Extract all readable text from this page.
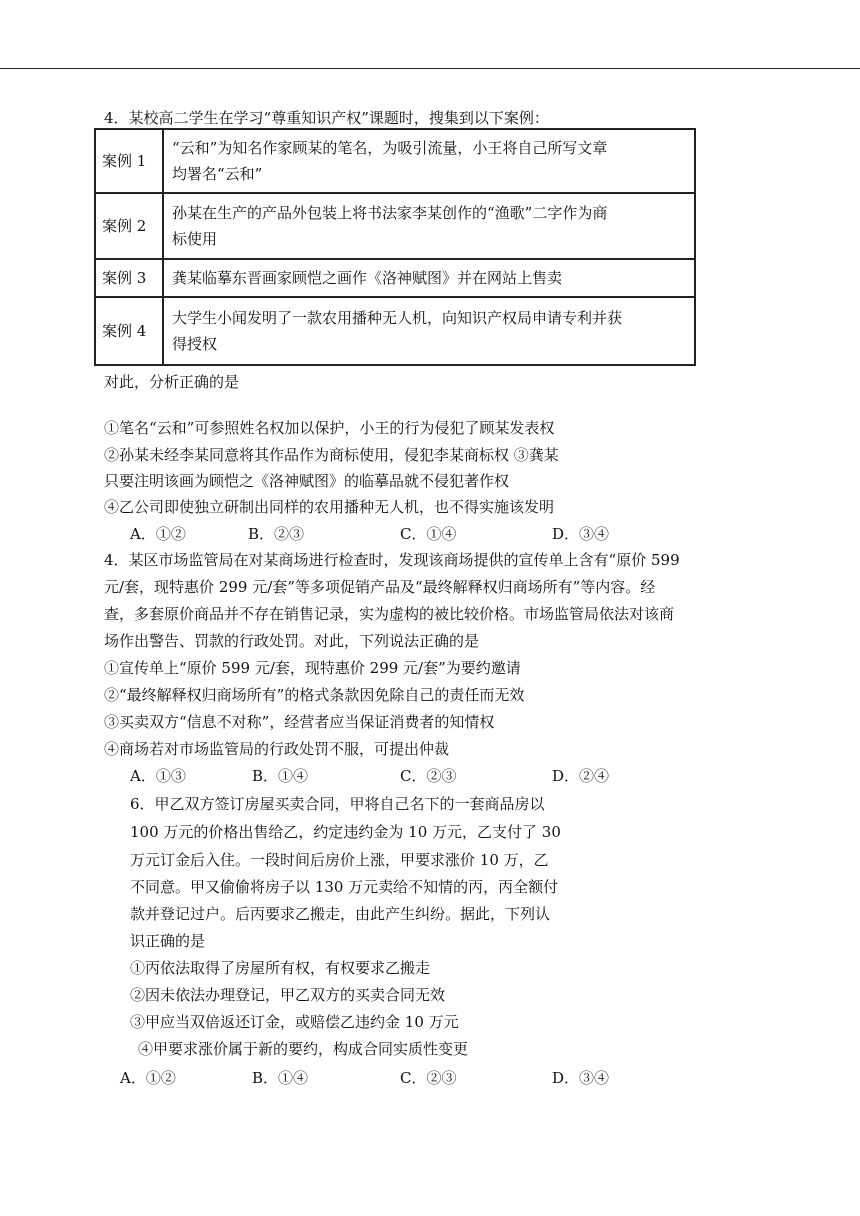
4．某校高二学生在学习“尊重知识产权”课题时，搜集到以下案例：
案例 1	“云和”为知名作家顾某的笔名，为吸引流量，小王将自己所写文章
均署名“云和”

案例 2	孙某在生产的产品外包装上将书法家李某创作的“渔歌”二字作为商
标使用

案例 3	龚某临摹东晋画家顾恺之画作《洛神赋图》并在网站上售卖

案例 4	大学生小闻发明了一款农用播种无人机，向知识产权局申请专利并获
得授权
对此，分析正确的是
①笔名“云和”可参照姓名权加以保护，小王的行为侵犯了顾某发表权
②孙某未经李某同意将其作品作为商标使用，侵犯李某商标权 ③龚某
只要注明该画为顾恺之《洛神赋图》的临摹品就不侵犯著作权
④乙公司即使独立研制出同样的农用播种无人机，也不得实施该发明
A．①②	B．②③	C．①④	D．③④
4．某区市场监管局在对某商场进行检查时，发现该商场提供的宣传单上含有“原价 599
元/套，现特惠价 299 元/套”等多项促销产品及“最终解释权归商场所有”等内容。经
查，多套原价商品并不存在销售记录，实为虚构的被比较价格。市场监管局依法对该商
场作出警告、罚款的行政处罚。对此，下列说法正确的是
①宣传单上“原价 599 元/套，现特惠价 299 元/套”为要约邀请
②“最终解释权归商场所有”的格式条款因免除自己的责任而无效
③买卖双方“信息不对称”，经营者应当保证消费者的知情权
④商场若对市场监管局的行政处罚不服，可提出仲裁
A．①③	B．①④	C．②③	D．②④
6．甲乙双方签订房屋买卖合同，甲将自己名下的一套商品房以
100 万元的价格出售给乙，约定违约金为 10 万元，乙支付了 30
万元订金后入住。一段时间后房价上涨，甲要求涨价 10 万，乙
不同意。甲又偷偷将房子以 130 万元卖给不知情的丙，丙全额付
款并登记过户。后丙要求乙搬走，由此产生纠纷。据此，下列认
识正确的是
①丙依法取得了房屋所有权，有权要求乙搬走
②因未依法办理登记，甲乙双方的买卖合同无效
③甲应当双倍返还订金，或赔偿乙违约金 10 万元
④甲要求涨价属于新的要约，构成合同实质性变更
A．①②	B．①④	C．②③	D．③④
